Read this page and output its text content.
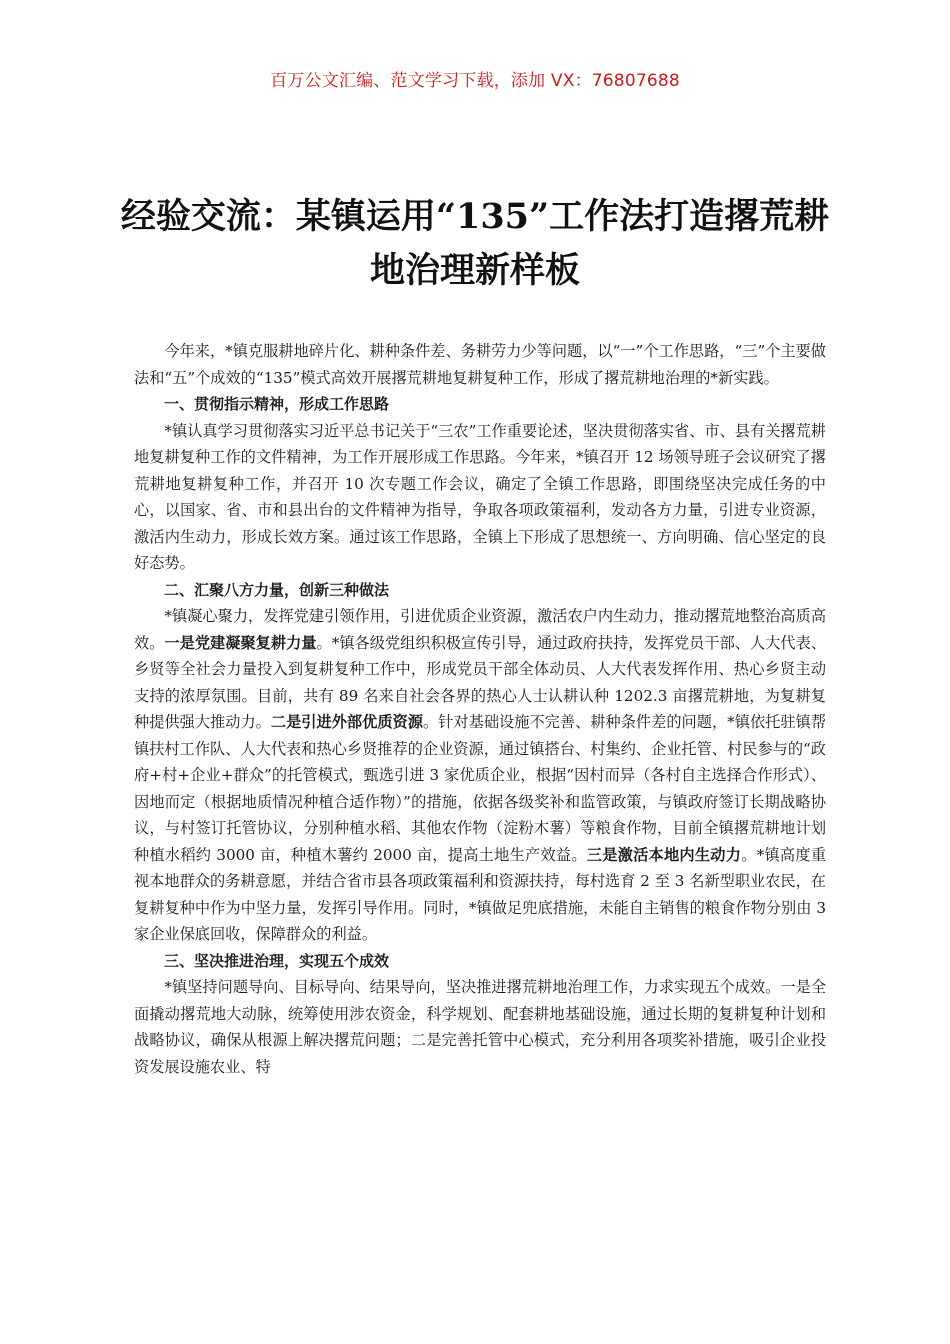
百万公文汇编、范文学习下载，添加 VX：76807688
经验交流：某镇运用“135”工作法打造撂荒耕地治理新样板

今年来，*镇克服耕地碎片化、耕种条件差、务耕劳力少等问题，以“一”个工作思路，“三”个主要做法和“五”个成效的“135”模式高效开展撂荒耕地复耕复种工作，形成了撂荒耕地治理的*新实践。

一、贯彻指示精神，形成工作思路

*镇认真学习贯彻落实习近平总书记关于“三农”工作重要论述，坚决贯彻落实省、市、县有关撂荒耕地复耕复种工作的文件精神，为工作开展形成工作思路。今年来，*镇召开 12 场领导班子会议研究了撂荒耕地复耕复种工作，并召开 10 次专题工作会议，确定了全镇工作思路，即围绕坚决完成任务的中心，以国家、省、市和县出台的文件精神为指导，争取各项政策福利，发动各方力量，引进专业资源，激活内生动力，形成长效方案。通过该工作思路，全镇上下形成了思想统一、方向明确、信心坚定的良好态势。

二、汇聚八方力量，创新三种做法

*镇凝心聚力，发挥党建引领作用，引进优质企业资源，激活农户内生动力，推动撂荒地整治高质高效。一是党建凝聚复耕力量。*镇各级党组织积极宣传引导，通过政府扶持，发挥党员干部、人大代表、乡贤等全社会力量投入到复耕复种工作中，形成党员干部全体动员、人大代表发挥作用、热心乡贤主动支持的浓厚氛围。目前，共有 89 名来自社会各界的热心人士认耕认种 1202.3 亩撂荒耕地，为复耕复种提供强大推动力。二是引进外部优质资源。针对基础设施不完善、耕种条件差的问题，*镇依托驻镇帮镇扶村工作队、人大代表和热心乡贤推荐的企业资源，通过镇搭台、村集约、企业托管、村民参与的“政府+村+企业+群众”的托管模式，甄选引进 3 家优质企业，根据“因村而异（各村自主选择合作形式）、因地而定（根据地质情况种植合适作物）”的措施，依据各级奖补和监管政策，与镇政府签订长期战略协议，与村签订托管协议，分别种植水稻、其他农作物（淀粉木薯）等粮食作物，目前全镇撂荒耕地计划种植水稻约 3000 亩，种植木薯约 2000 亩，提高土地生产效益。三是激活本地内生动力。*镇高度重视本地群众的务耕意愿，并结合省市县各项政策福利和资源扶持，每村选育 2 至 3 名新型职业农民，在复耕复种中作为中坚力量，发挥引导作用。同时，*镇做足兜底措施，未能自主销售的粮食作物分别由 3 家企业保底回收，保障群众的利益。

三、坚决推进治理，实现五个成效

*镇坚持问题导向、目标导向、结果导向，坚决推进撂荒耕地治理工作，力求实现五个成效。一是全面撬动撂荒地大动脉，统筹使用涉农资金，科学规划、配套耕地基础设施，通过长期的复耕复种计划和战略协议，确保从根源上解决撂荒问题；二是完善托管中心模式，充分利用各项奖补措施，吸引企业投资发展设施农业、特
